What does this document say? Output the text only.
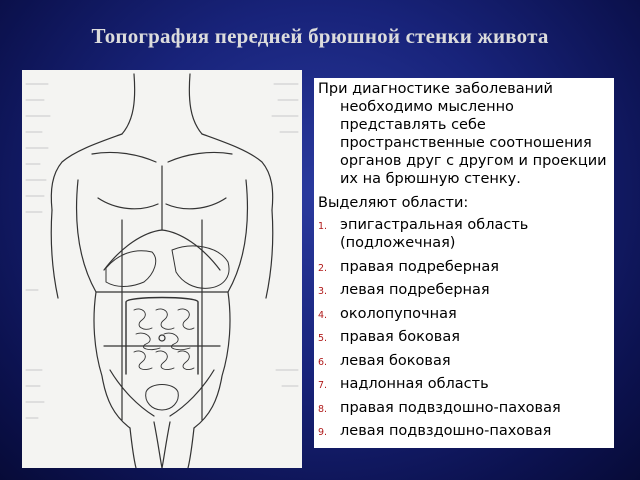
Топография передней брюшной стенки живота
При диагностике заболеваний необходимо мысленно представлять себе пространственные соотношения органов друг с другом и проекции их на брюшную стенку.
Выделяют области:
1. эпигастральная область (подложечная)
2. правая подреберная
3. левая подреберная
4. околопупочная
5. правая боковая
6. левая боковая
7. надлонная область
8. правая подвздошно-паховая
9. левая подвздошно-паховая
